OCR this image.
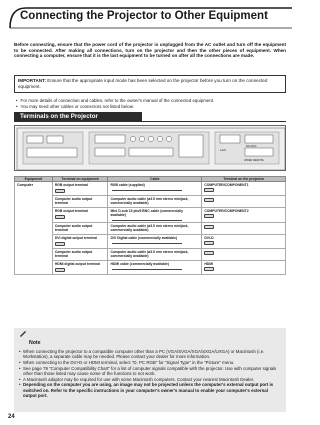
Connecting the Projector to Other Equipment

Before connecting, ensure that the power cord of the projector is unplugged from the AC outlet and turn off the equipment to be connected. After making all connections, turn on the projector and then the other pieces of equipment. When connecting a computer, ensure that it is the last equipment to be turned on after all the connections are made.

IMPORTANT: Ensure that the appropriate input mode has been selected on the projector before you turn on the connected equipment.
• For more details of connection and cables, refer to the owner's manual of the connected equipment.
• You may need other cables or connectors not listed below.
Terminals on the Projector
LAN
RS-232C
WIRED REMOTE
Equipment	Terminal on equipment	Cable	Terminal on the projector

Computer	RGB output terminal	RGB cable (supplied)	COMPUTER/COMPONENT1

	Computer audio output terminal	Computer audio cable (ø3.5 mm stereo minijack, commercially available)	

	RGB output terminal	Mini D-sub 15 pin/5 BNC cable (commercially available)	COMPUTER/COMPONENT2

	Computer audio output terminal	Computer audio cable (ø3.5 mm stereo minijack, commercially available)	

	DVI digital output terminal	DVI Digital cable (commercially available)	DVI-D

	Computer audio output terminal	Computer audio cable (ø3.5 mm stereo minijack, commercially available)	

	HDMI digital output terminal	HDMI cable (commercially available)	HDMI
Note
• When connecting the projector to a compatible computer other than a PC (VGA/SVGA/XGA/SXGA/UXGA) or Macintosh (i.e. Workstation), a separate cable may be needed. Please contact your dealer for more information.
• When connecting to the DVI-D or HDMI terminal, select "D. PC RGB" for "Signal Type" in the "Picture" menu.
• See page 79 "Computer Compatibility Chart" for a list of computer signals compatible with the projector. Use with computer signals other than those listed may cause some of the functions to not work.
• A Macintosh adaptor may be required for use with some Macintosh computers. Contact your nearest Macintosh Dealer.
• Depending on the computer you are using, an image may not be projected unless the computer's external output port is switched on. Refer to the specific instructions in your computer's owner's manual to enable your computer's external output port.
24
